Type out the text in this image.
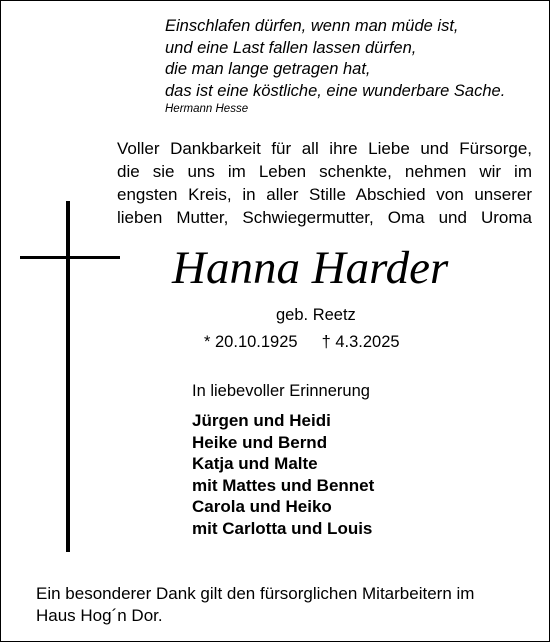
Einschlafen dürfen, wenn man müde ist,
und eine Last fallen lassen dürfen,
die man lange getragen hat,
das ist eine köstliche, eine wunderbare Sache.
Hermann Hesse
Voller Dankbarkeit für all ihre Liebe und Fürsorge,
die sie uns im Leben schenkte, nehmen wir im
engsten Kreis, in aller Stille Abschied von unserer
lieben Mutter, Schwiegermutter, Oma und Uroma
Hanna Harder
geb. Reetz
* 20.10.1925 † 4.3.2025
In liebevoller Erinnerung
Jürgen und Heidi
Heike und Bernd
Katja und Malte
mit Mattes und Bennet
Carola und Heiko
mit Carlotta und Louis
Ein besonderer Dank gilt den fürsorglichen Mitarbeitern im
Haus Hog´n Dor.
